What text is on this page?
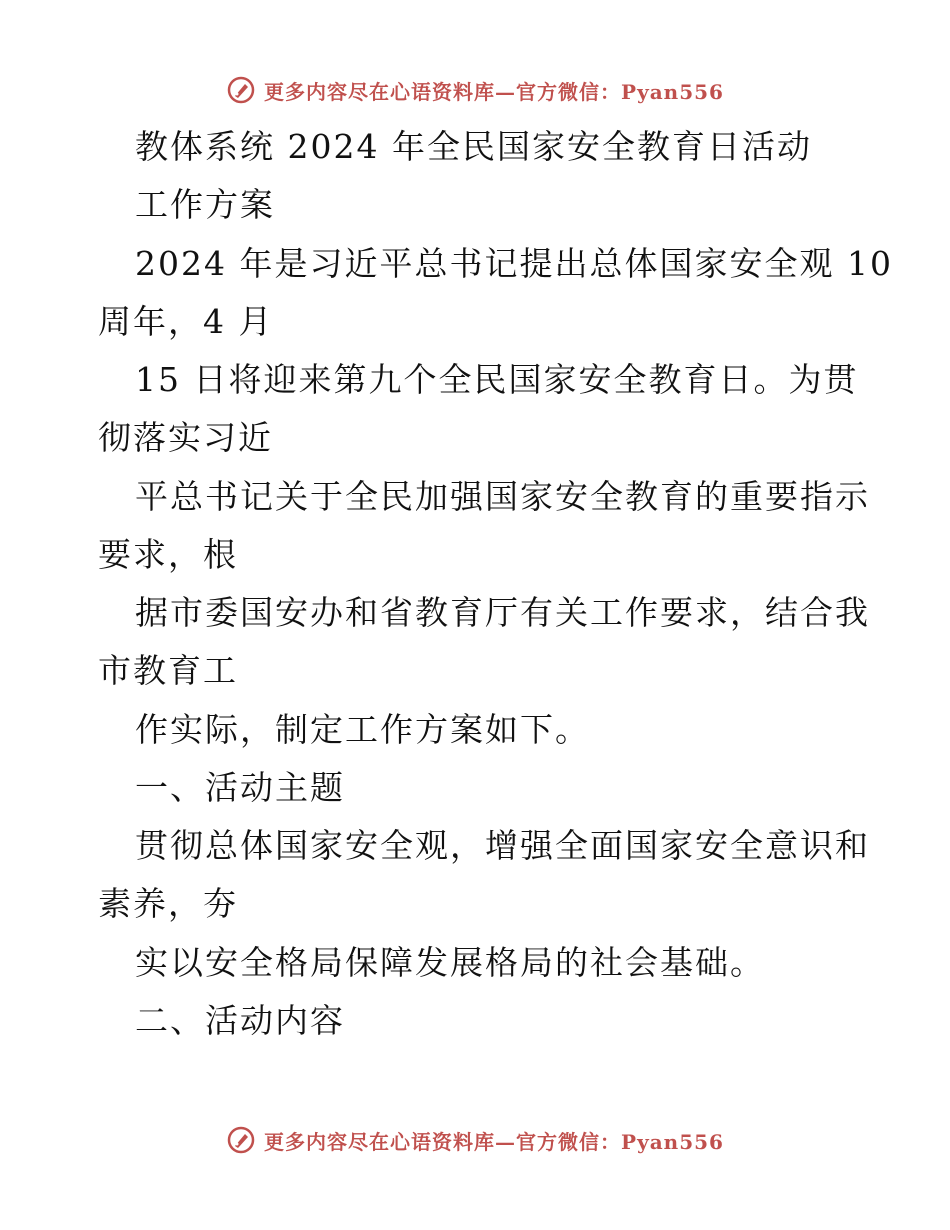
更多内容尽在心语资料库—官方微信：Pyan556
教体系统 2024 年全民国家安全教育日活动
工作方案
2024 年是习近平总书记提出总体国家安全观 10
周年，4 月
15 日将迎来第九个全民国家安全教育日。为贯
彻落实习近
平总书记关于全民加强国家安全教育的重要指示
要求，根
据市委国安办和省教育厅有关工作要求，结合我
市教育工
作实际，制定工作方案如下。
一、活动主题
贯彻总体国家安全观，增强全面国家安全意识和
素养，夯
实以安全格局保障发展格局的社会基础。
二、活动内容
更多内容尽在心语资料库—官方微信：Pyan556
